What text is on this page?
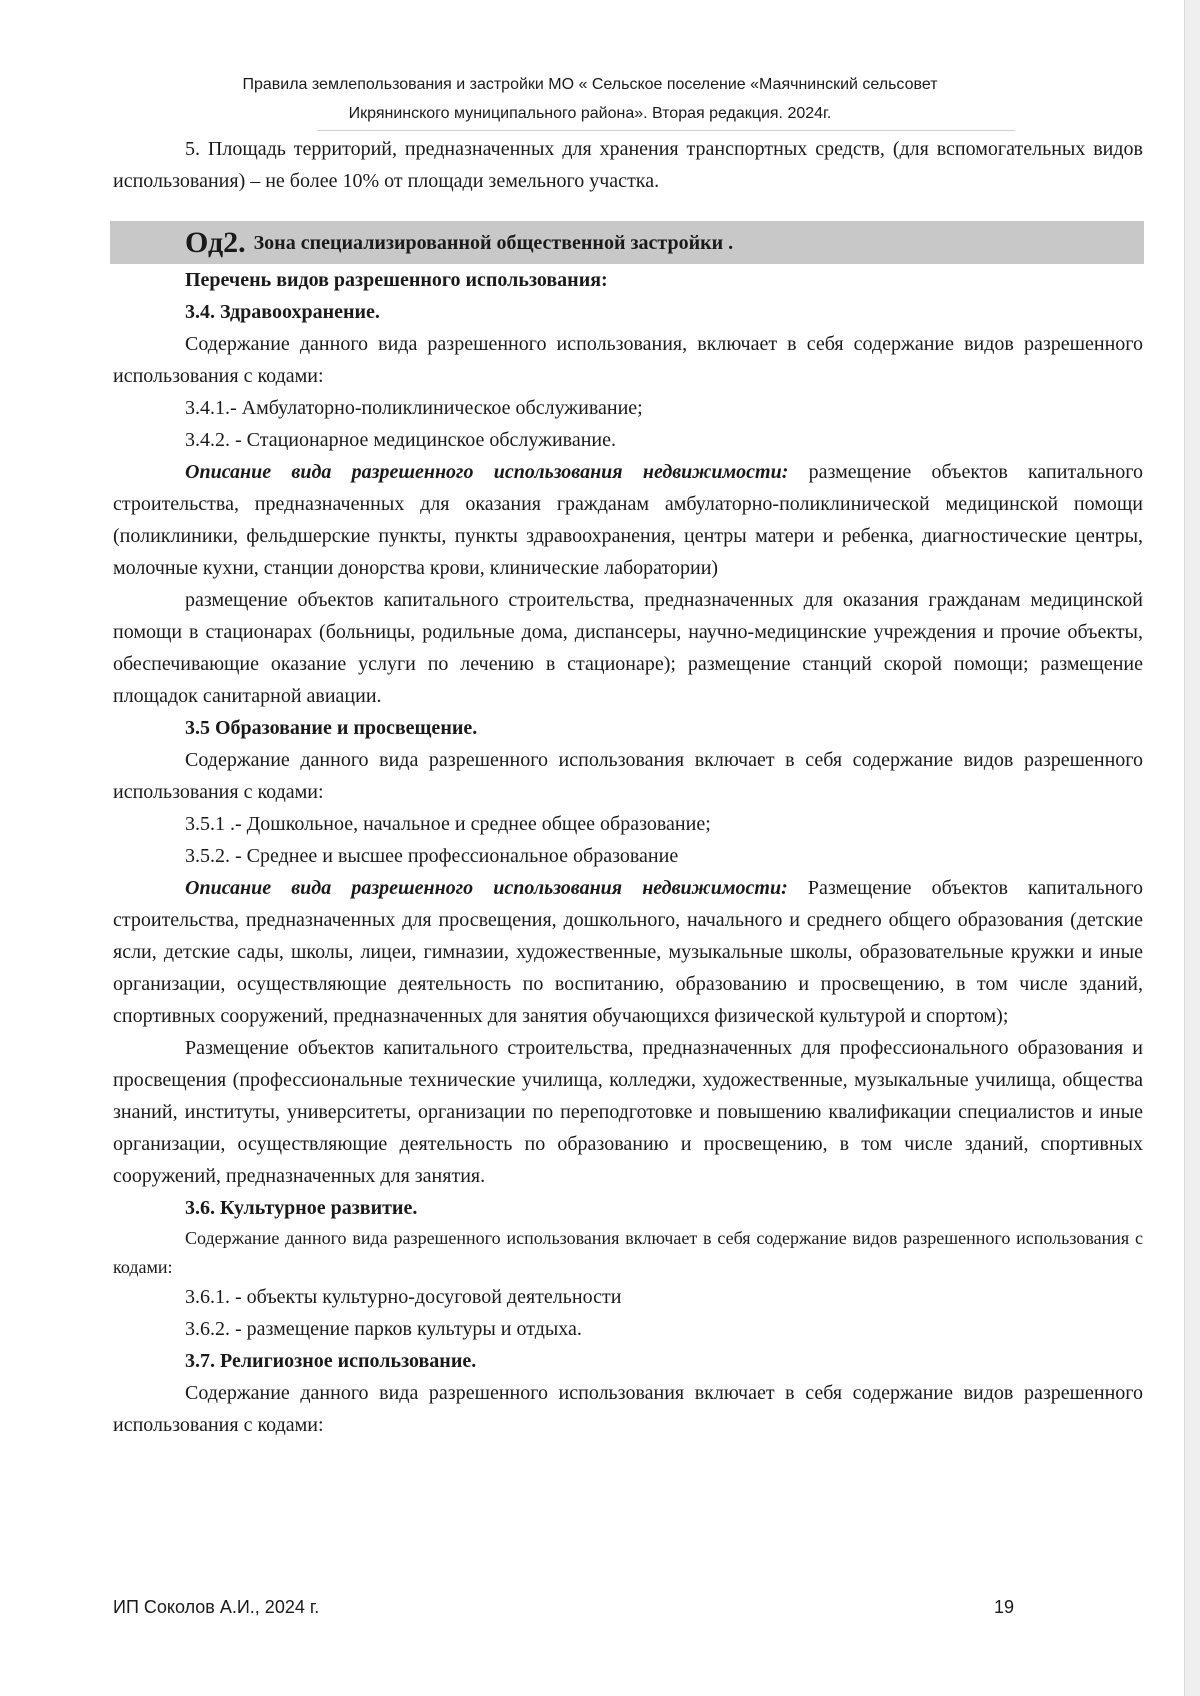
Правила землепользования и застройки МО « Сельское поселение «Маячнинский сельсовет
Икрянинского муниципального района». Вторая редакция. 2024г.

5. Площадь территорий, предназначенных для хранения транспортных средств, (для вспомогательных видов использования) – не более 10% от площади земельного участка.

Од2. Зона специализированной общественной застройки .

Перечень видов разрешенного использования:

3.4. Здравоохранение.

Содержание данного вида разрешенного использования, включает в себя содержание видов разрешенного использования с кодами:

3.4.1.- Амбулаторно-поликлиническое обслуживание;

3.4.2. - Стационарное медицинское обслуживание.

Описание вида разрешенного использования недвижимости: размещение объектов капитального строительства, предназначенных для оказания гражданам амбулаторно-поликлинической медицинской помощи (поликлиники, фельдшерские пункты, пункты здравоохранения, центры матери и ребенка, диагностические центры, молочные кухни, станции донорства крови, клинические лаборатории)

размещение объектов капитального строительства, предназначенных для оказания гражданам медицинской помощи в стационарах (больницы, родильные дома, диспансеры, научно-медицинские учреждения и прочие объекты, обеспечивающие оказание услуги по лечению в стационаре); размещение станций скорой помощи; размещение площадок санитарной авиации.

3.5 Образование и просвещение.

Содержание данного вида разрешенного использования включает в себя содержание видов разрешенного использования с кодами:

3.5.1 .- Дошкольное, начальное и среднее общее образование;

3.5.2. - Среднее и высшее профессиональное образование

Описание вида разрешенного использования недвижимости: Размещение объектов капитального строительства, предназначенных для просвещения, дошкольного, начального и среднего общего образования (детские ясли, детские сады, школы, лицеи, гимназии, художественные, музыкальные школы, образовательные кружки и иные организации, осуществляющие деятельность по воспитанию, образованию и просвещению, в том числе зданий, спортивных сооружений, предназначенных для занятия обучающихся физической культурой и спортом);

Размещение объектов капитального строительства, предназначенных для профессионального образования и просвещения (профессиональные технические училища, колледжи, художественные, музыкальные училища, общества знаний, институты, университеты, организации по переподготовке и повышению квалификации специалистов и иные организации, осуществляющие деятельность по образованию и просвещению, в том числе зданий, спортивных сооружений, предназначенных для занятия.

3.6. Культурное развитие.

Содержание данного вида разрешенного использования включает в себя содержание видов разрешенного использования с кодами:

3.6.1. - объекты культурно-досуговой деятельности

3.6.2. - размещение парков культуры и отдыха.

3.7. Религиозное использование.

Содержание данного вида разрешенного использования включает в себя содержание видов разрешенного использования с кодами:

ИП Соколов А.И., 2024 г.	19
